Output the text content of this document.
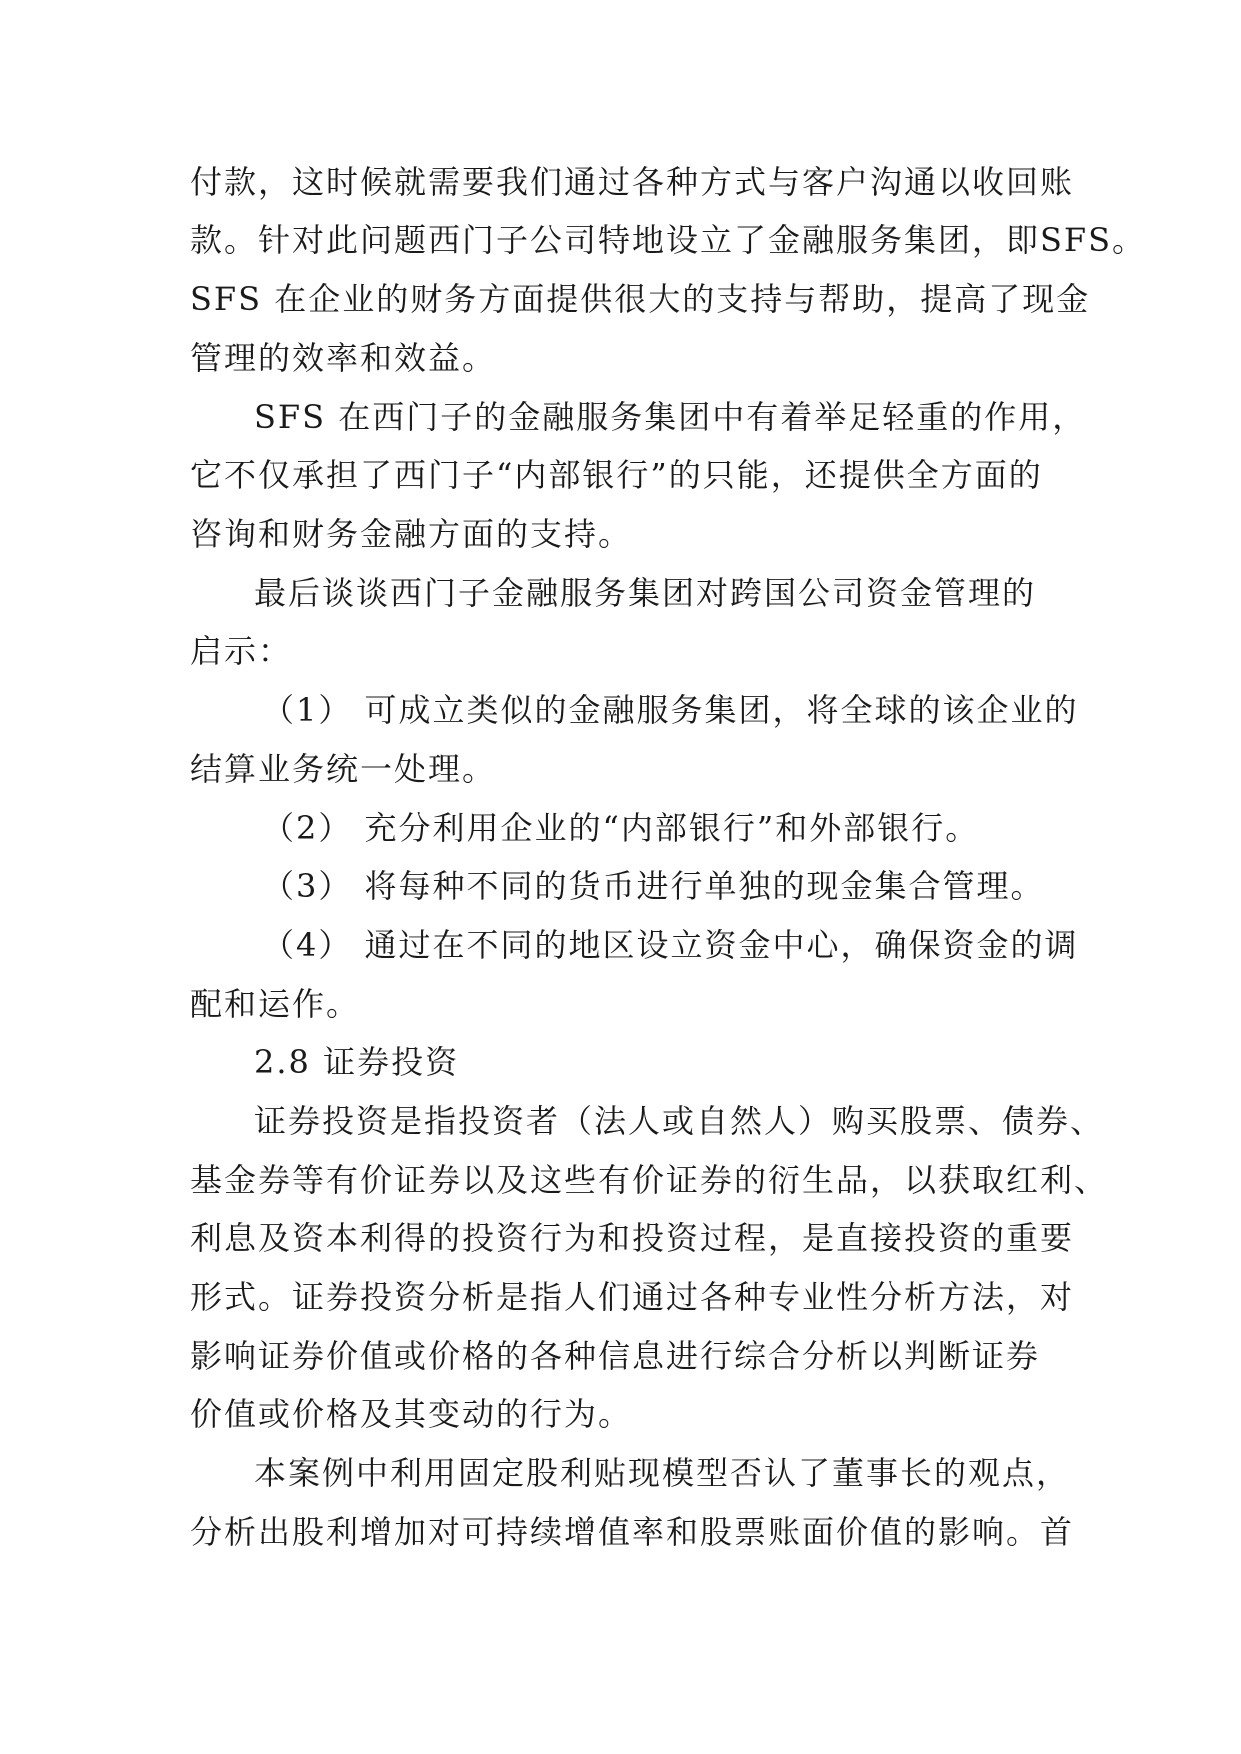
付款，这时候就需要我们通过各种方式与客户沟通以收回账
款。针对此问题西门子公司特地设立了金融服务集团，即SFS。
SFS 在企业的财务方面提供很大的支持与帮助，提高了现金
管理的效率和效益。
SFS 在西门子的金融服务集团中有着举足轻重的作用，
它不仅承担了西门子“内部银行”的只能，还提供全方面的
咨询和财务金融方面的支持。
最后谈谈西门子金融服务集团对跨国公司资金管理的
启示：
（1） 可成立类似的金融服务集团，将全球的该企业的
结算业务统一处理。
（2） 充分利用企业的“内部银行”和外部银行。
（3） 将每种不同的货币进行单独的现金集合管理。
（4） 通过在不同的地区设立资金中心，确保资金的调
配和运作。
2.8 证券投资
证券投资是指投资者（法人或自然人）购买股票、债券、
基金券等有价证券以及这些有价证券的衍生品，以获取红利、
利息及资本利得的投资行为和投资过程，是直接投资的重要
形式。证券投资分析是指人们通过各种专业性分析方法，对
影响证券价值或价格的各种信息进行综合分析以判断证券
价值或价格及其变动的行为。
本案例中利用固定股利贴现模型否认了董事长的观点，
分析出股利增加对可持续增值率和股票账面价值的影响。首
